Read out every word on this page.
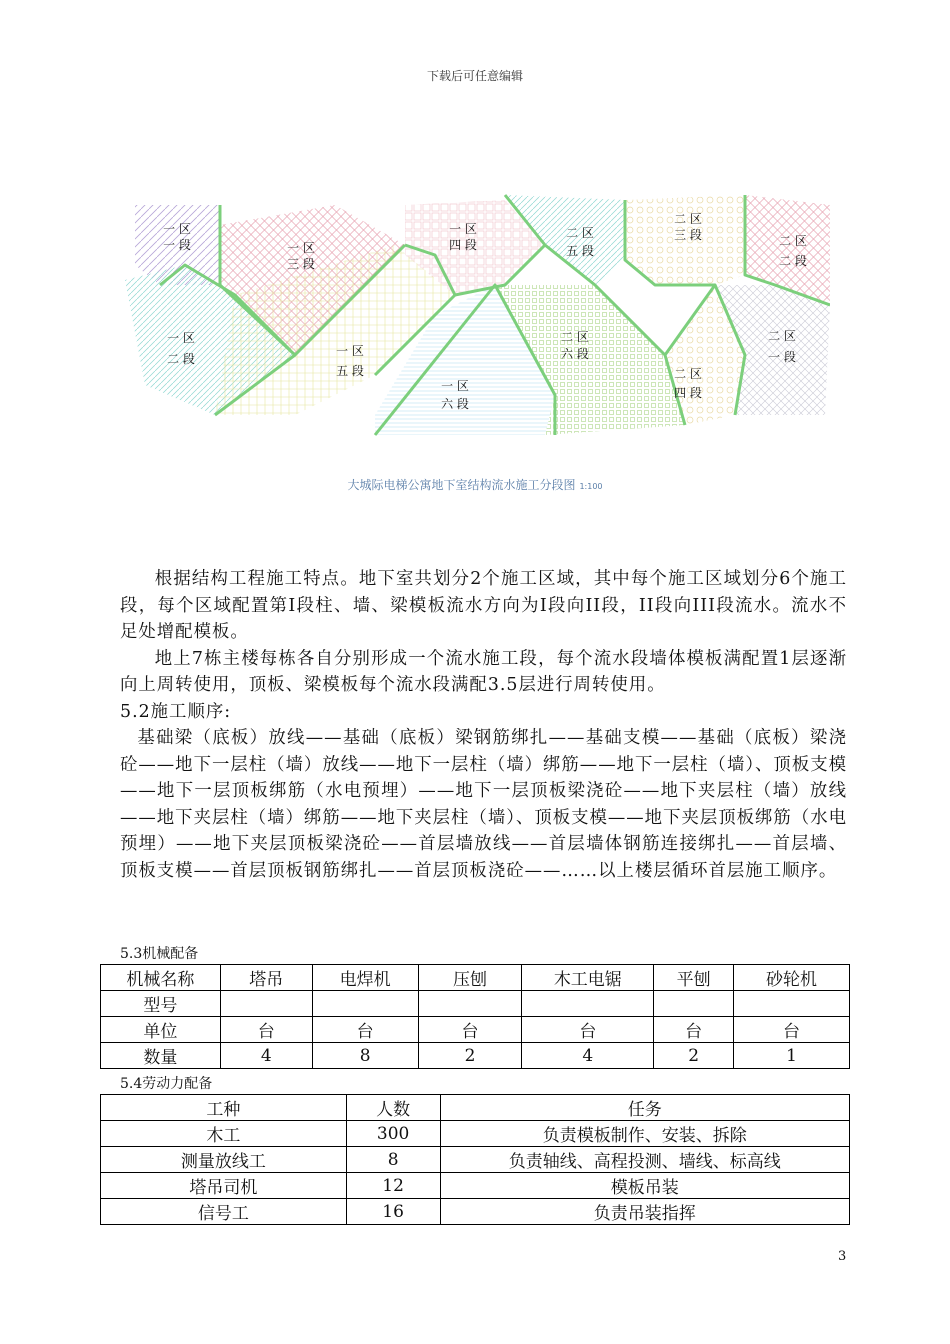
下载后可任意编辑
一 区
一 段	一 区
三 段
一 区
四 段
二 区
五 段
二 区
三 段	二 区
二 段
一 区
二 段
一 区
五 段
二 区
六 段
二 区
一 段
一 区
六 段
二 区
四 段
大城际电梯公寓地下室结构流水施工分段图 1:100
根据结构工程施工特点。地下室共划分2个施工区域，其中每个施工区域划分6个施工段，每个区域配置第I段柱、墙、梁模板流水方向为I段向II段，II段向III段流水。流水不足处增配模板。
地上7栋主楼每栋各自分别形成一个流水施工段，每个流水段墙体模板满配置1层逐渐向上周转使用，顶板、梁模板每个流水段满配3.5层进行周转使用。
5.2施工顺序:
基础梁（底板）放线——基础（底板）梁钢筋绑扎——基础支模——基础（底板）梁浇砼——地下一层柱（墙）放线——地下一层柱（墙）绑筋——地下一层柱（墙）、顶板支模——地下一层顶板绑筋（水电预埋）——地下一层顶板梁浇砼——地下夹层柱（墙）放线——地下夹层柱（墙）绑筋——地下夹层柱（墙）、顶板支模——地下夹层顶板绑筋（水电预埋）——地下夹层顶板梁浇砼——首层墙放线——首层墙体钢筋连接绑扎——首层墙、顶板支模——首层顶板钢筋绑扎——首层顶板浇砼——……以上楼层循环首层施工顺序。
5.3机械配备
机械名称	塔吊	电焊机	压刨	木工电锯	平刨	砂轮机
型号						
单位	台	台	台	台	台	台
数量	4	8	2	4	2	1
5.4劳动力配备
工种	人数	任务
木工	300	负责模板制作、安装、拆除
测量放线工	8	负责轴线、高程投测、墙线、标高线
塔吊司机	12	模板吊装
信号工	16	负责吊装指挥
3
